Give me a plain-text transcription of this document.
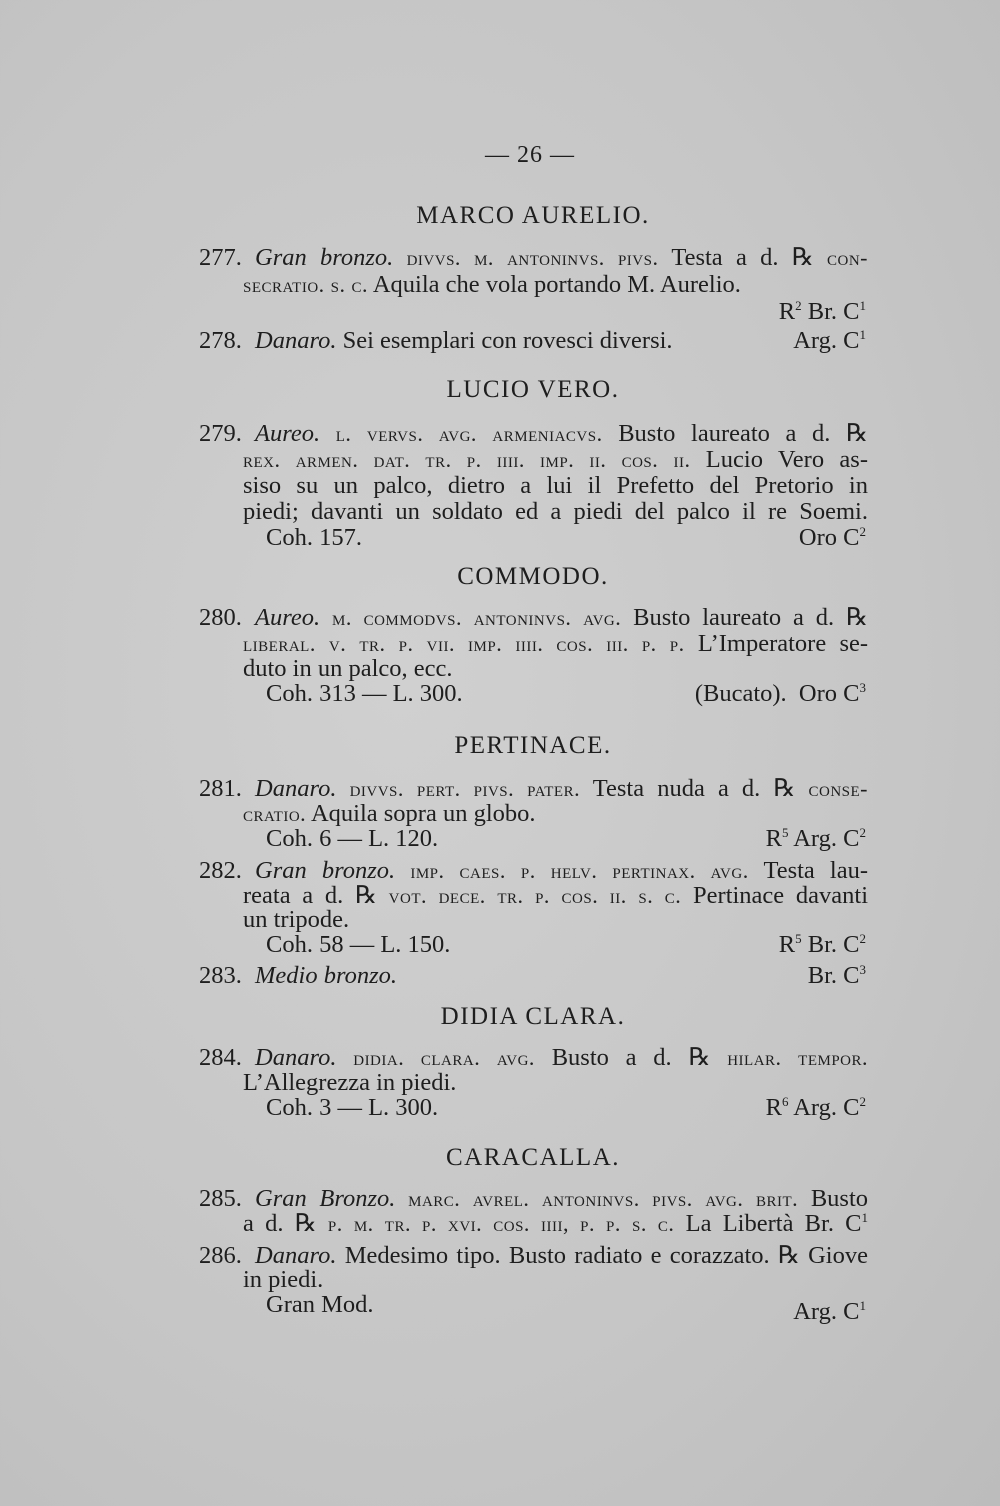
— 26 —
MARCO AURELIO.
277. Gran bronzo. divvs. m. antoninvs. pivs. Testa a d. ℞ con-
secratio. s. c. Aquila che vola portando M. Aurelio.
$R^2$ Br. $C^1$
278. Danaro. Sei esemplari con rovesci diversi.	Arg. $C^1$
LUCIO VERO.
279. Aureo. l. vervs. avg. armeniacvs. Busto laureato a d. ℞
rex. armen. dat. tr. p. iiii. imp. ii. cos. ii. Lucio Vero as-
siso su un palco, dietro a lui il Prefetto del Pretorio in
piedi; davanti un soldato ed a piedi del palco il re Soemi.
Coh. 157.	Oro $C^2$
COMMODO.
280. Aureo. m. commodvs. antoninvs. avg. Busto laureato a d. ℞
liberal. v. tr. p. vii. imp. iiii. cos. iii. p. p. L’Imperatore se-
duto in un palco, ecc.
Coh. 313 — L. 300.	(Bucato).  Oro $C^3$
PERTINACE.
281. Danaro. divvs. pert. pivs. pater. Testa nuda a d. ℞ conse-
cratio. Aquila sopra un globo.
Coh. 6 — L. 120.	$R^5$ Arg. $C^2$
282. Gran bronzo. imp. caes. p. helv. pertinax. avg. Testa lau-
reata a d. ℞ vot. dece. tr. p. cos. ii. s. c. Pertinace davanti
un tripode.
Coh. 58 — L. 150.	$R^5$ Br. $C^2$
283. Medio bronzo.	Br. $C^3$
DIDIA CLARA.
284. Danaro. didia. clara. avg. Busto a d. ℞ hilar. tempor.
L’Allegrezza in piedi.
Coh. 3 — L. 300.	$R^6$ Arg. $C^2$
CARACALLA.
285. Gran Bronzo. marc. avrel. antoninvs. pivs. avg. brit. Busto
a d. ℞ p. m. tr. p. xvi. cos. iiii, p. p. s. c. La Libertà Br. $C^1$
286. Danaro. Medesimo tipo. Busto radiato e corazzato. ℞ Giove
in piedi.
Gran Mod.	Arg. $C^1$
